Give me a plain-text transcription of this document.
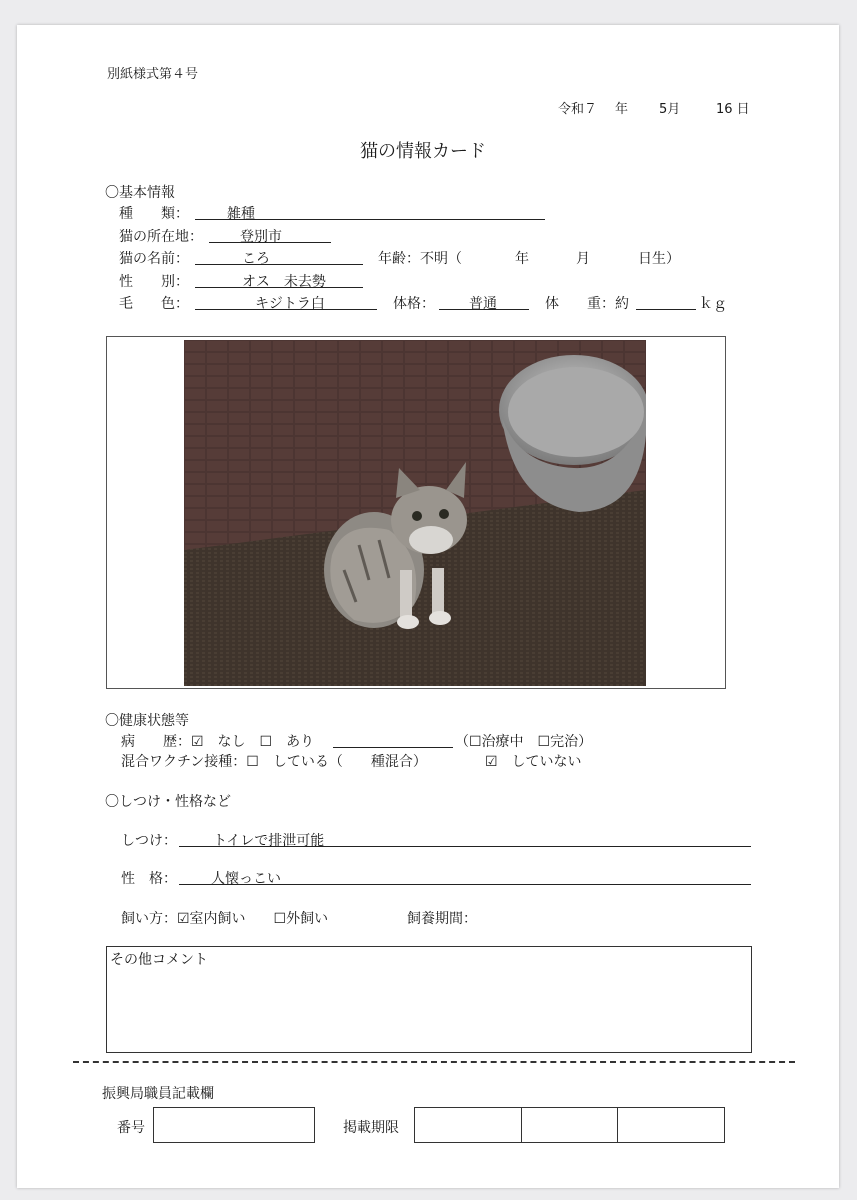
別紙様式第４号
令和７ 年 5月	16 日
猫の情報カード
〇基本情報
種　　類：	雑種
猫の所在地：	登別市
猫の名前：	ころ	年齢：不明（	年	月	日生）
性　　別：	オス　未去勢
毛　　色：	キジトラ白	体格： 普通	体　　重：約	ｋｇ
〇健康状態等
病　　歴：☑　なし　☐　あり	（☐治療中　☐完治）
混合ワクチン接種：☐　している（　　種混合）	☑　していない
〇しつけ・性格など
しつけ：	トイレで排泄可能
性　格： 人懐っこい
飼い方：☑室内飼い　　☐外飼い	飼養期間：
その他コメント
振興局職員記載欄
番号	掲載期限
